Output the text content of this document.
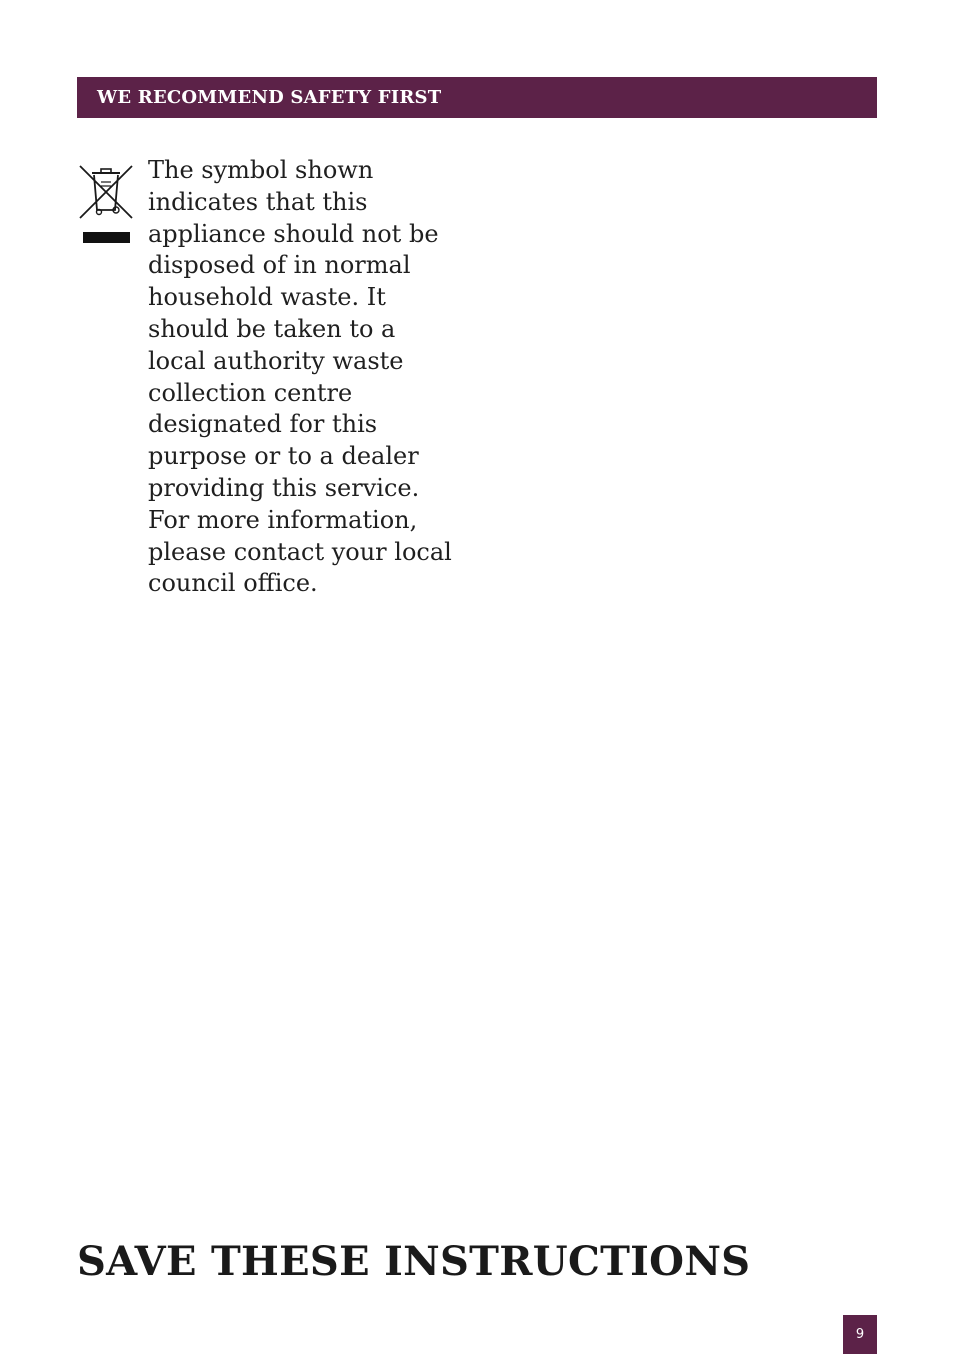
WE RECOMMEND SAFETY FIRST

The symbol shown
indicates that this
appliance should not be
disposed of in normal
household waste. It
should be taken to a
local authority waste
collection centre
designated for this
purpose or to a dealer
providing this service.
For more information,
please contact your local
council office.

SAVE THESE INSTRUCTIONS
9
